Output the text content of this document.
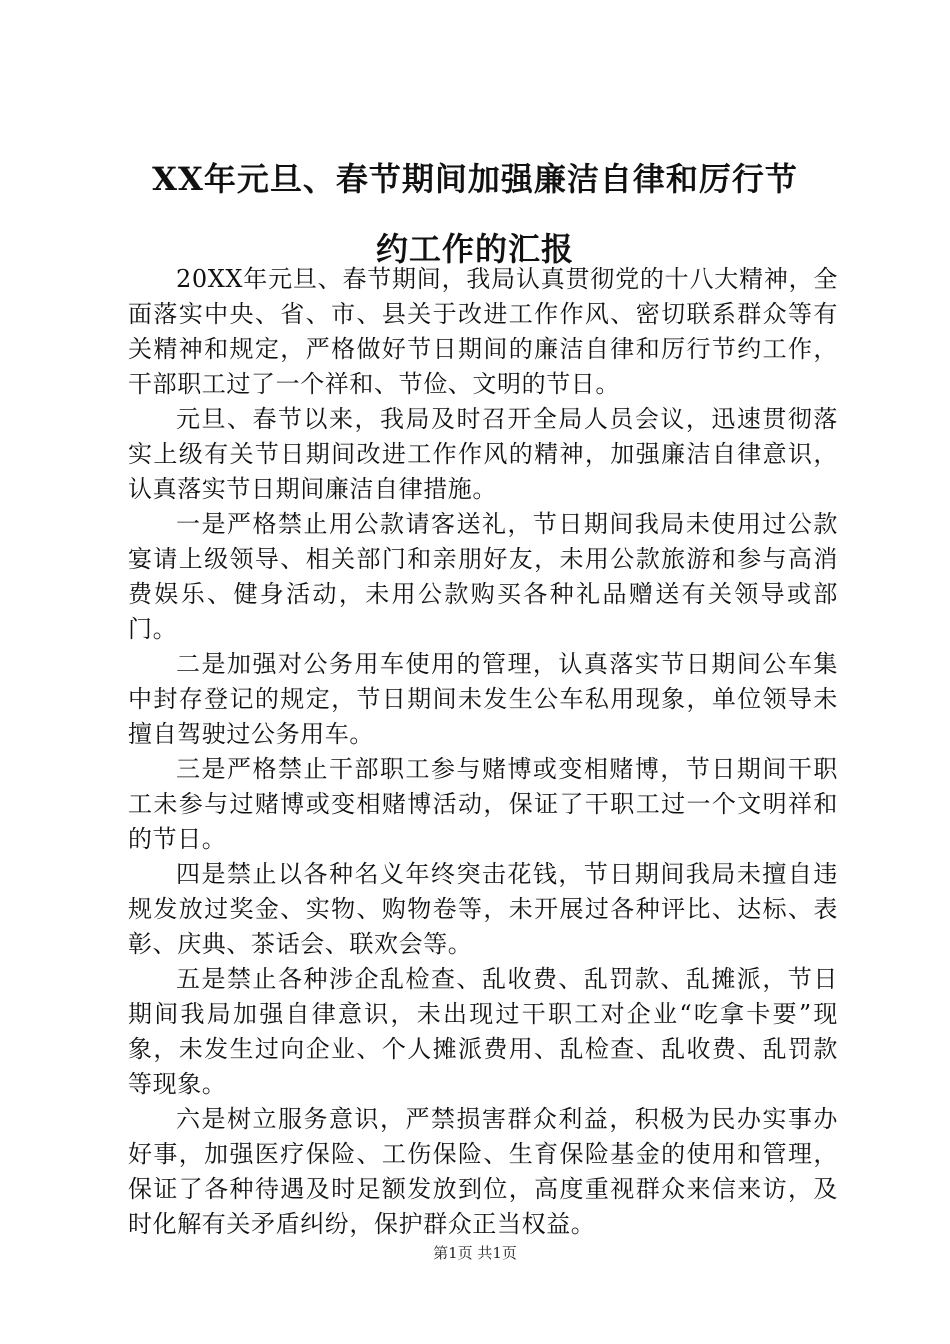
XX年元旦、春节期间加强廉洁自律和厉行节
约工作的汇报

20XX年元旦、春节期间，我局认真贯彻党的十八大精神，全面落实中央、省、市、县关于改进工作作风、密切联系群众等有关精神和规定，严格做好节日期间的廉洁自律和厉行节约工作，干部职工过了一个祥和、节俭、文明的节日。

元旦、春节以来，我局及时召开全局人员会议，迅速贯彻落实上级有关节日期间改进工作作风的精神，加强廉洁自律意识，认真落实节日期间廉洁自律措施。

一是严格禁止用公款请客送礼，节日期间我局未使用过公款宴请上级领导、相关部门和亲朋好友，未用公款旅游和参与高消费娱乐、健身活动，未用公款购买各种礼品赠送有关领导或部门。

二是加强对公务用车使用的管理，认真落实节日期间公车集中封存登记的规定，节日期间未发生公车私用现象，单位领导未擅自驾驶过公务用车。

三是严格禁止干部职工参与赌博或变相赌博，节日期间干职工未参与过赌博或变相赌博活动，保证了干职工过一个文明祥和的节日。

四是禁止以各种名义年终突击花钱，节日期间我局未擅自违规发放过奖金、实物、购物卷等，未开展过各种评比、达标、表彰、庆典、茶话会、联欢会等。

五是禁止各种涉企乱检查、乱收费、乱罚款、乱摊派，节日期间我局加强自律意识，未出现过干职工对企业“吃拿卡要”现象，未发生过向企业、个人摊派费用、乱检查、乱收费、乱罚款等现象。

六是树立服务意识，严禁损害群众利益，积极为民办实事办好事，加强医疗保险、工伤保险、生育保险基金的使用和管理，保证了各种待遇及时足额发放到位，高度重视群众来信来访，及时化解有关矛盾纠纷，保护群众正当权益。

第1页 共1页
